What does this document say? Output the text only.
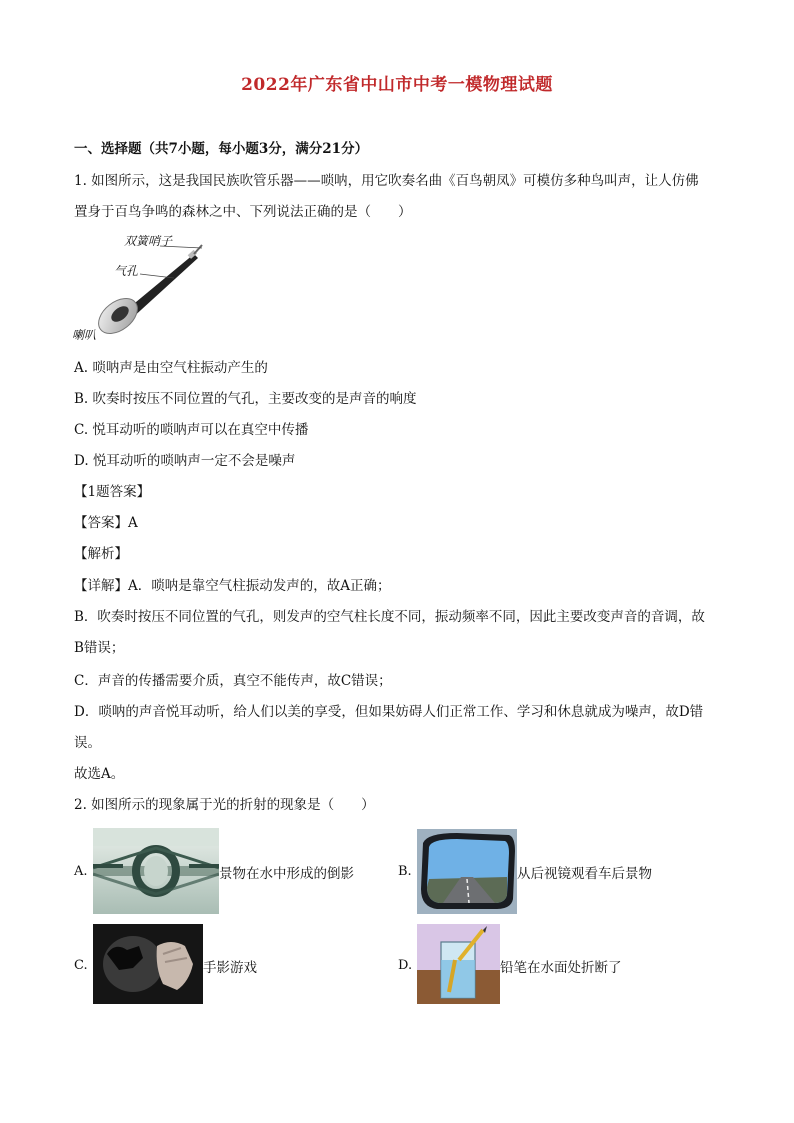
2022年广东省中山市中考一模物理试题
一、选择题（共7小题，每小题3分，满分21分）
1. 如图所示，这是我国民族吹管乐器——唢呐，用它吹奏名曲《百鸟朝凤》可模仿多种鸟叫声，让人仿佛
置身于百鸟争鸣的森林之中、下列说法正确的是（　　）
双簧哨子
气孔
喇叭
A. 唢呐声是由空气柱振动产生的
B. 吹奏时按压不同位置的气孔，主要改变的是声音的响度
C. 悦耳动听的唢呐声可以在真空中传播
D. 悦耳动听的唢呐声一定不会是噪声
【1题答案】
【答案】A
【解析】
【详解】A．唢呐是靠空气柱振动发声的，故A正确；
B．吹奏时按压不同位置的气孔，则发声的空气柱长度不同，振动频率不同，因此主要改变声音的音调，故
B错误；
C．声音的传播需要介质，真空不能传声，故C错误；
D．唢呐的声音悦耳动听，给人们以美的享受，但如果妨碍人们正常工作、学习和休息就成为噪声，故D错
误。
故选A。
2. 如图所示的现象属于光的折射的现象是（　　）
A.	景物在水中形成的倒影	B.	从后视镜观看车后景物
C.	手影游戏	D.	铅笔在水面处折断了
